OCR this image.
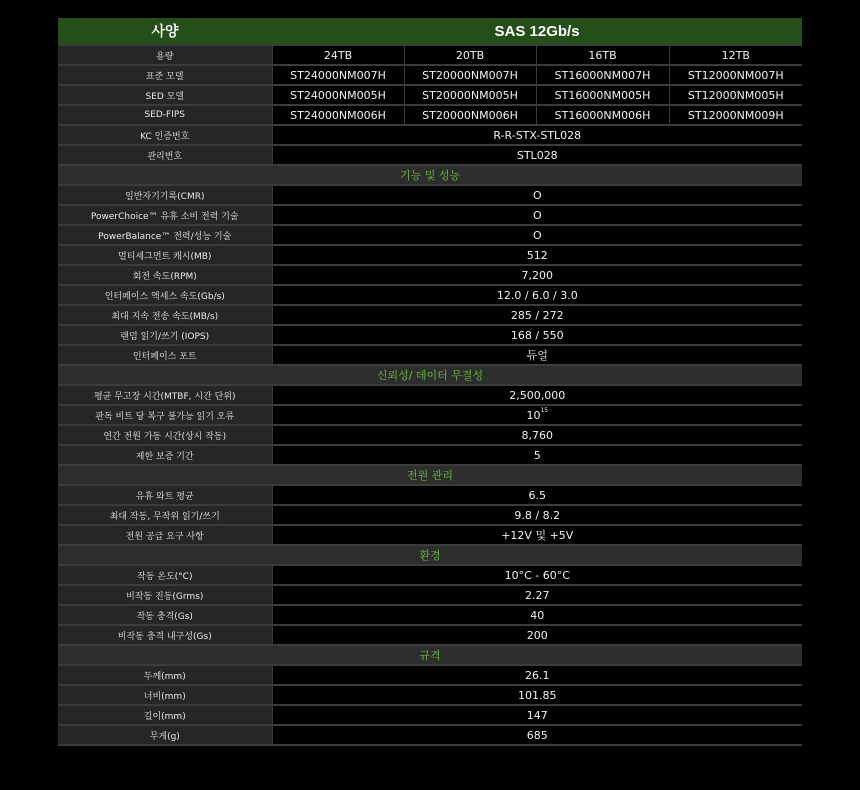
사양	SAS 12Gb/s			
용량	24TB	20TB	16TB	12TB
표준 모델	ST24000NM007H	ST20000NM007H	ST16000NM007H	ST12000NM007H
SED 모델	ST24000NM005H	ST20000NM005H	ST16000NM005H	ST12000NM005H
SED-FIPS	ST24000NM006H	ST20000NM006H	ST16000NM006H	ST12000NM009H
KC 인증번호	R-R-STX-STL028			
관리번호	STL028			
기능 및 성능				
일반자기기록(CMR)	O			
PowerChoice™ 유휴 소비 전력 기술	O			
PowerBalance™ 전력/성능 기술	O			
멀티세그먼트 캐시(MB)	512			
회전 속도(RPM)	7,200			
인터페이스 액세스 속도(Gb/s)	12.0 / 6.0 / 3.0			
최대 지속 전송 속도(MB/s)	285 / 272			
랜덤 읽기/쓰기 (IOPS)	168 / 550			
인터페이스 포트	듀얼			
신뢰성/ 데이터 무결성				
평균 무고장 시간(MTBF, 시간 단위)	2,500,000			
판독 비트 당 복구 불가능 읽기 오류	$10^{15}$
연간 전원 가동 시간(상시 작동)	8,760			
제한 보증 기간	5			
전원 관리				
유휴 와트 평균	6.5			
최대 작동, 무작위 읽기/쓰기	9.8 / 8.2			
전원 공급 요구 사항	+12V 및 +5V			
환경				
작동 온도(°C)	10°C - 60°C			
비작동 진동(Grms)	2.27			
작동 충격(Gs)	40			
비작동 충격 내구성(Gs)	200			
규격				
두께(mm)	26.1			
너비(mm)	101.85			
길이(mm)	147			
무게(g)	685			
